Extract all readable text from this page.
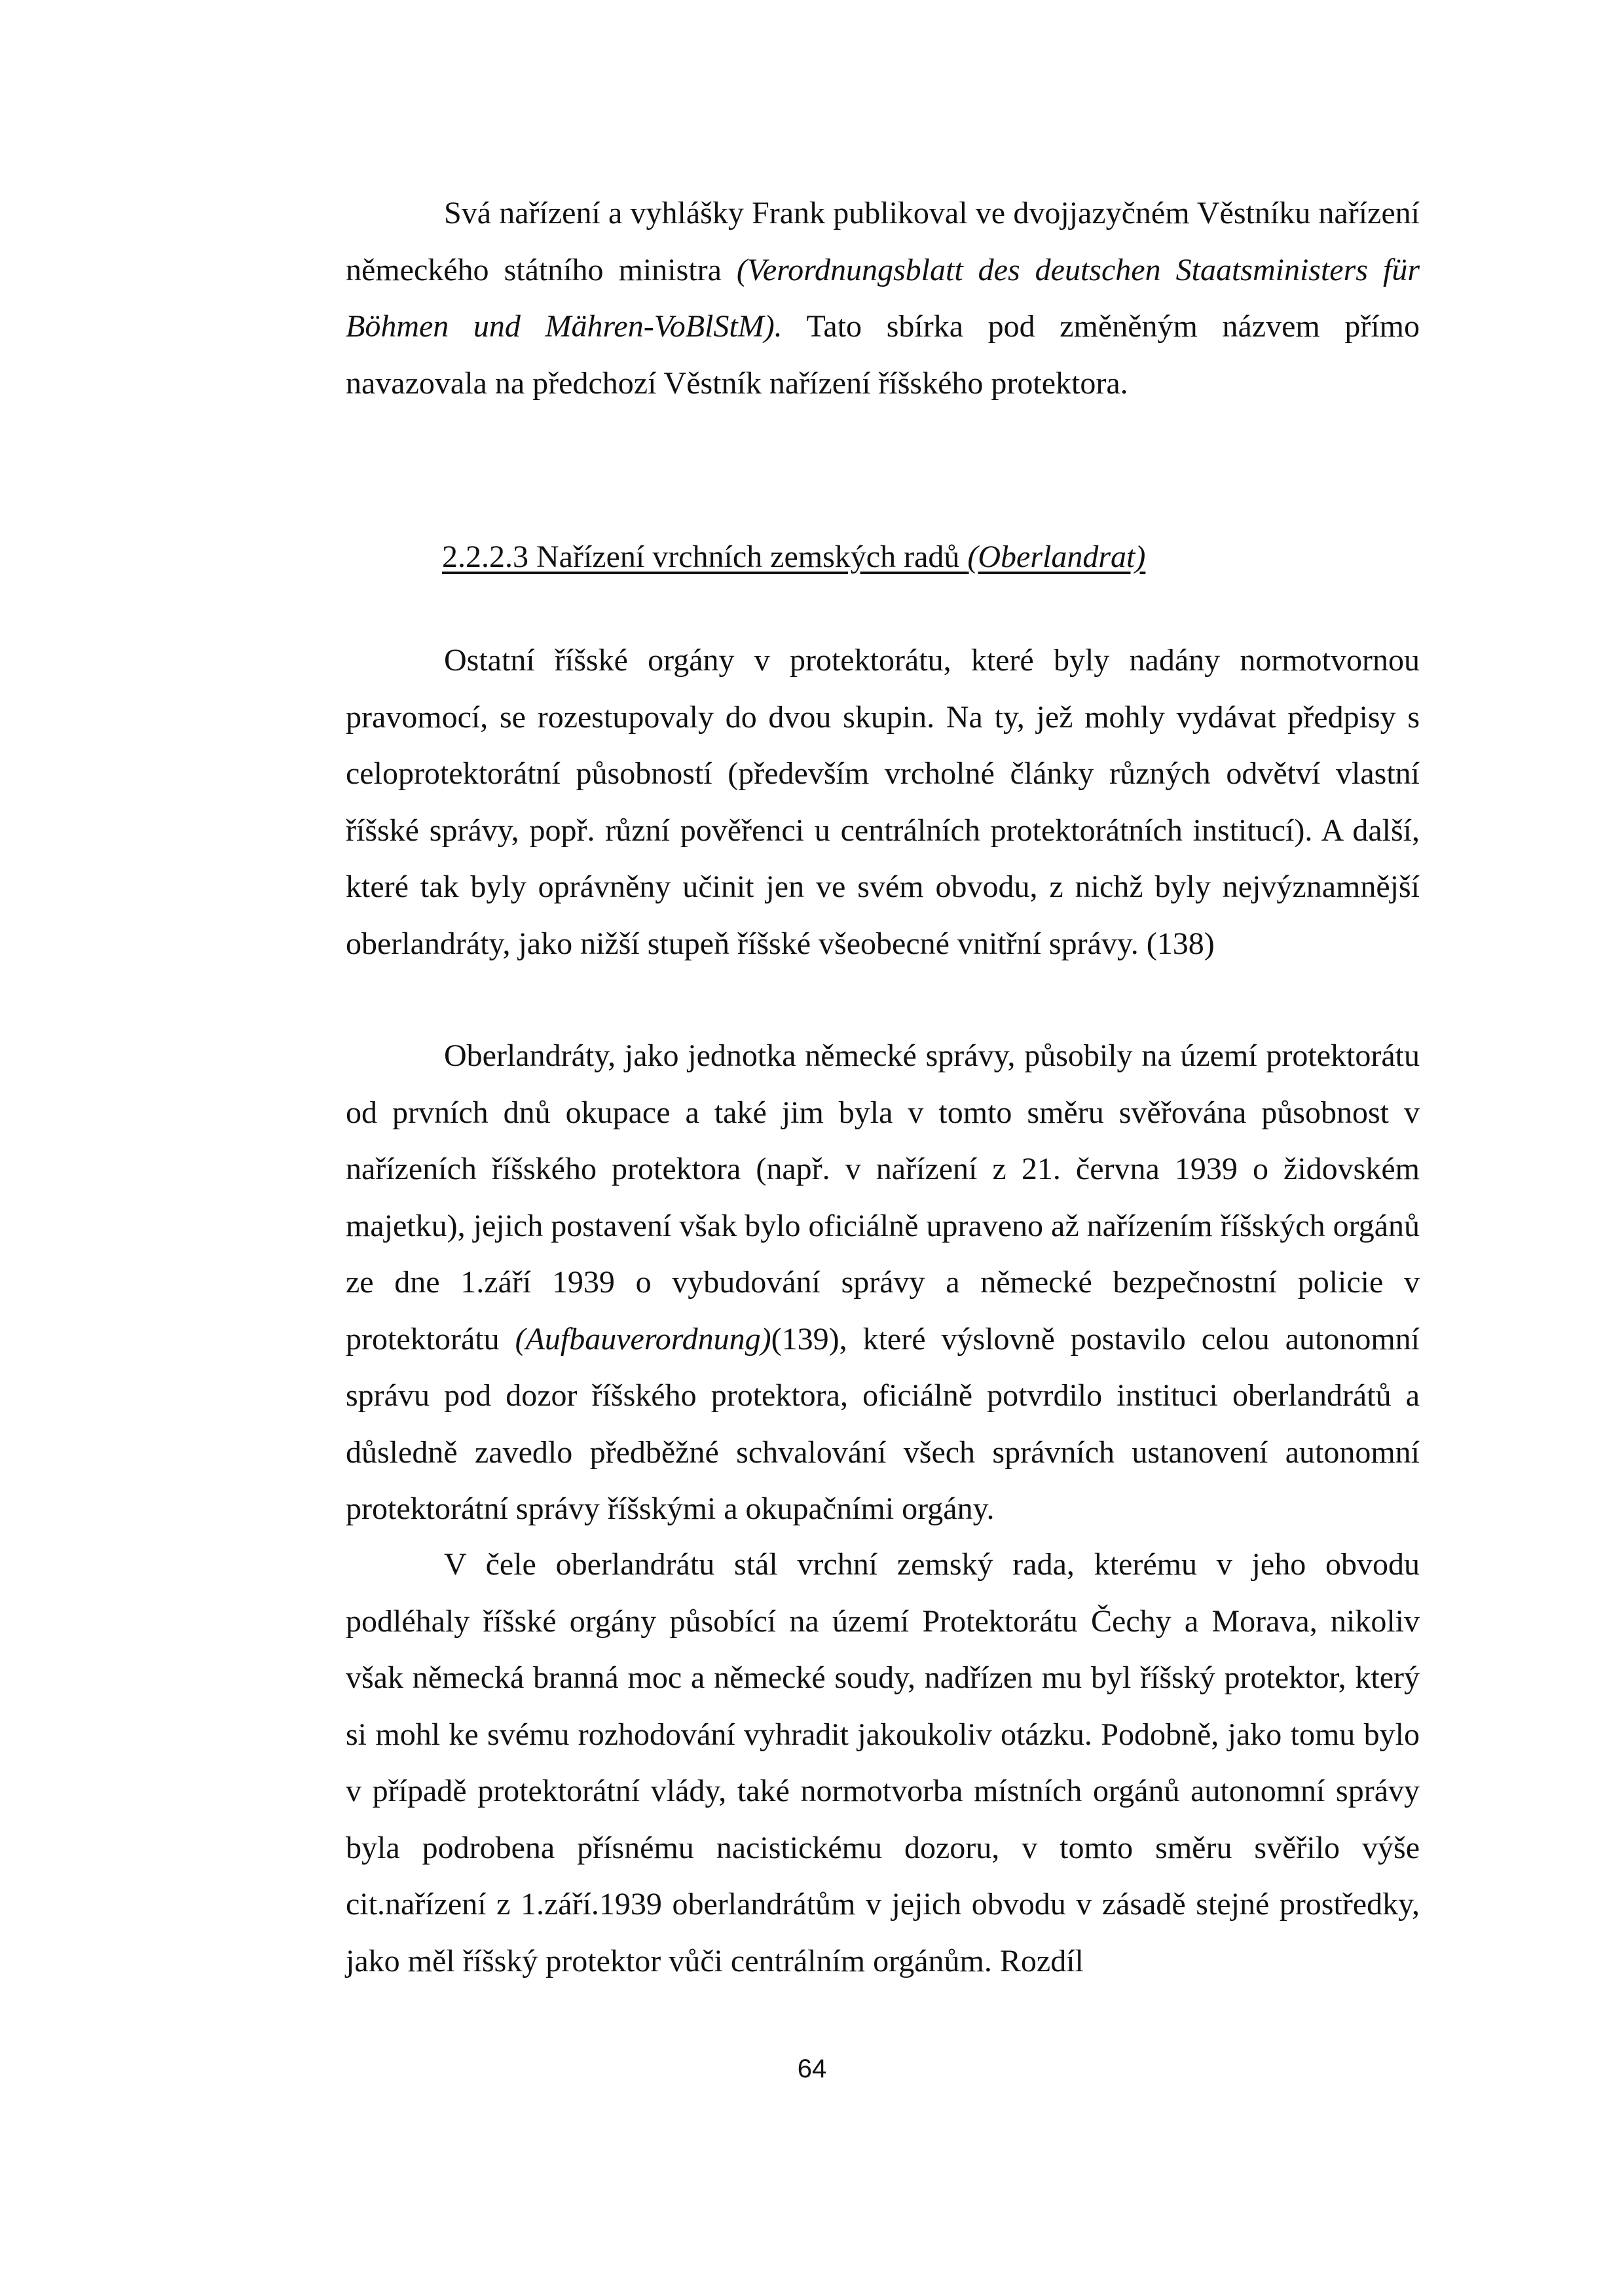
Svá nařízení a vyhlášky Frank publikoval ve dvojjazyčném Věstníku nařízení německého státního ministra (Verordnungsblatt des deutschen Staatsministers für Böhmen und Mähren-VoBlStM). Tato sbírka pod změněným názvem přímo navazovala na předchozí Věstník nařízení říšského protektora.

2.2.2.3 Nařízení vrchních zemských radů (Oberlandrat)

Ostatní říšské orgány v protektorátu, které byly nadány normotvornou pravomocí, se rozestupovaly do dvou skupin. Na ty, jež mohly vydávat předpisy s celoprotektorátní působností (především vrcholné články různých odvětví vlastní říšské správy, popř. různí pověřenci u centrálních protektorátních institucí). A další, které tak byly oprávněny učinit jen ve svém obvodu, z nichž byly nejvýznamnější oberlandráty, jako nižší stupeň říšské všeobecné vnitřní správy. (138)

Oberlandráty, jako jednotka německé správy, působily na území protektorátu od prvních dnů okupace a také jim byla v tomto směru svěřována působnost v nařízeních říšského protektora (např. v nařízení z 21. června 1939 o židovském majetku), jejich postavení však bylo oficiálně upraveno až nařízením říšských orgánů ze dne 1.září 1939 o vybudování správy a německé bezpečnostní policie v protektorátu (Aufbauverordnung)(139), které výslovně postavilo celou autonomní správu pod dozor říšského protektora, oficiálně potvrdilo instituci oberlandrátů a důsledně zavedlo předběžné schvalování všech správních ustanovení autonomní protektorátní správy říšskými a okupačními orgány.

V čele oberlandrátu stál vrchní zemský rada, kterému v jeho obvodu podléhaly říšské orgány působící na území Protektorátu Čechy a Morava, nikoliv však německá branná moc a německé soudy, nadřízen mu byl říšský protektor, který si mohl ke svému rozhodování vyhradit jakoukoliv otázku. Podobně, jako tomu bylo v případě protektorátní vlády, také normotvorba místních orgánů autonomní správy byla podrobena přísnému nacistickému dozoru, v tomto směru svěřilo výše cit.nařízení z 1.září.1939 oberlandrátům v jejich obvodu v zásadě stejné prostředky, jako měl říšský protektor vůči centrálním orgánům. Rozdíl

64
